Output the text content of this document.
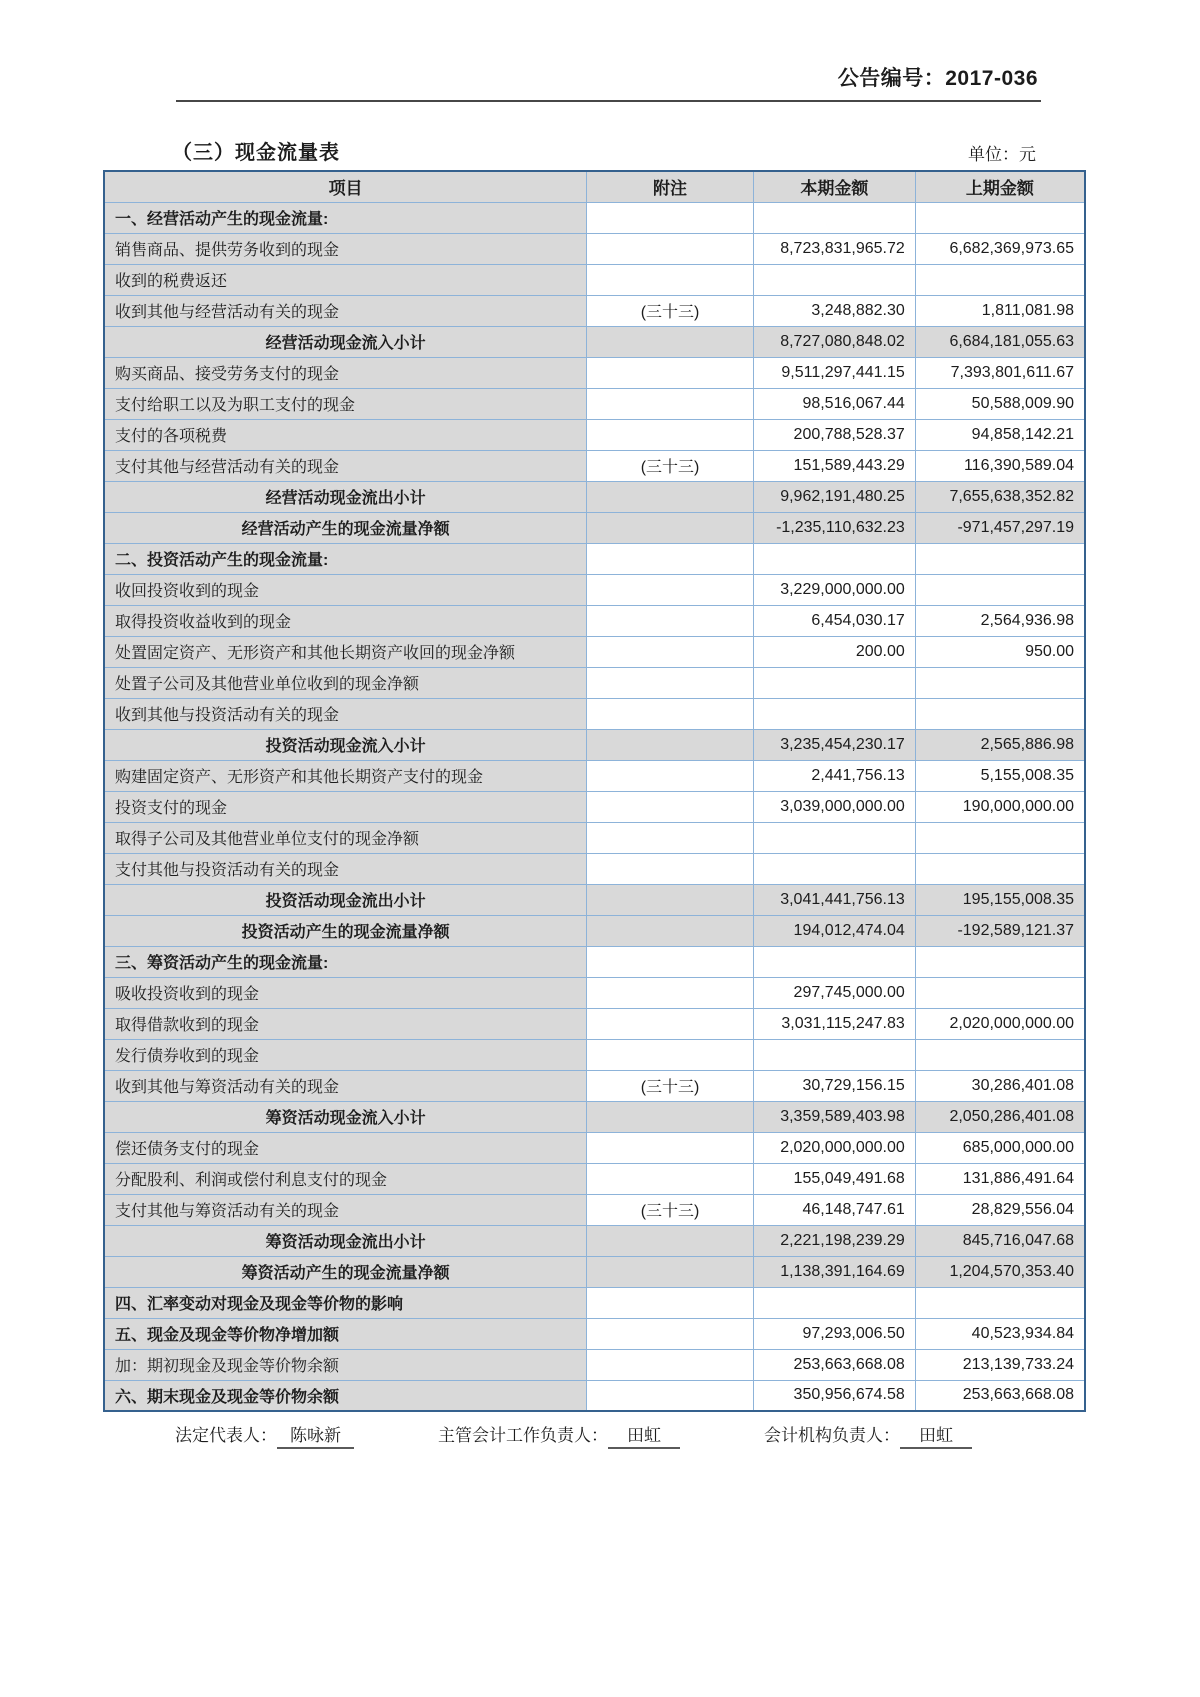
公告编号：2017-036
（三）现金流量表	单位：元
项目	附注	本期金额	上期金额
一、经营活动产生的现金流量:			
销售商品、提供劳务收到的现金		8,723,831,965.72	6,682,369,973.65
收到的税费返还			
收到其他与经营活动有关的现金	(三十三)	3,248,882.30	1,811,081.98
经营活动现金流入小计		8,727,080,848.02	6,684,181,055.63
购买商品、接受劳务支付的现金		9,511,297,441.15	7,393,801,611.67
支付给职工以及为职工支付的现金		98,516,067.44	50,588,009.90
支付的各项税费		200,788,528.37	94,858,142.21
支付其他与经营活动有关的现金	(三十三)	151,589,443.29	116,390,589.04
经营活动现金流出小计		9,962,191,480.25	7,655,638,352.82
经营活动产生的现金流量净额		-1,235,110,632.23	-971,457,297.19
二、投资活动产生的现金流量:			
收回投资收到的现金		3,229,000,000.00	
取得投资收益收到的现金		6,454,030.17	2,564,936.98
处置固定资产、无形资产和其他长期资产收回的现金净额		200.00	950.00
处置子公司及其他营业单位收到的现金净额			
收到其他与投资活动有关的现金			
投资活动现金流入小计		3,235,454,230.17	2,565,886.98
购建固定资产、无形资产和其他长期资产支付的现金		2,441,756.13	5,155,008.35
投资支付的现金		3,039,000,000.00	190,000,000.00
取得子公司及其他营业单位支付的现金净额			
支付其他与投资活动有关的现金			
投资活动现金流出小计		3,041,441,756.13	195,155,008.35
投资活动产生的现金流量净额		194,012,474.04	-192,589,121.37
三、筹资活动产生的现金流量:			
吸收投资收到的现金		297,745,000.00	
取得借款收到的现金		3,031,115,247.83	2,020,000,000.00
发行债券收到的现金			
收到其他与筹资活动有关的现金	(三十三)	30,729,156.15	30,286,401.08
筹资活动现金流入小计		3,359,589,403.98	2,050,286,401.08
偿还债务支付的现金		2,020,000,000.00	685,000,000.00
分配股利、利润或偿付利息支付的现金		155,049,491.68	131,886,491.64
支付其他与筹资活动有关的现金	(三十三)	46,148,747.61	28,829,556.04
筹资活动现金流出小计		2,221,198,239.29	845,716,047.68
筹资活动产生的现金流量净额		1,138,391,164.69	1,204,570,353.40
四、汇率变动对现金及现金等价物的影响			
五、现金及现金等价物净增加额		97,293,006.50	40,523,934.84
加：期初现金及现金等价物余额		253,663,668.08	213,139,733.24
六、期末现金及现金等价物余额		350,956,674.58	253,663,668.08
法定代表人： 陈咏新	主管会计工作负责人： 田虹	会计机构负责人： 田虹
